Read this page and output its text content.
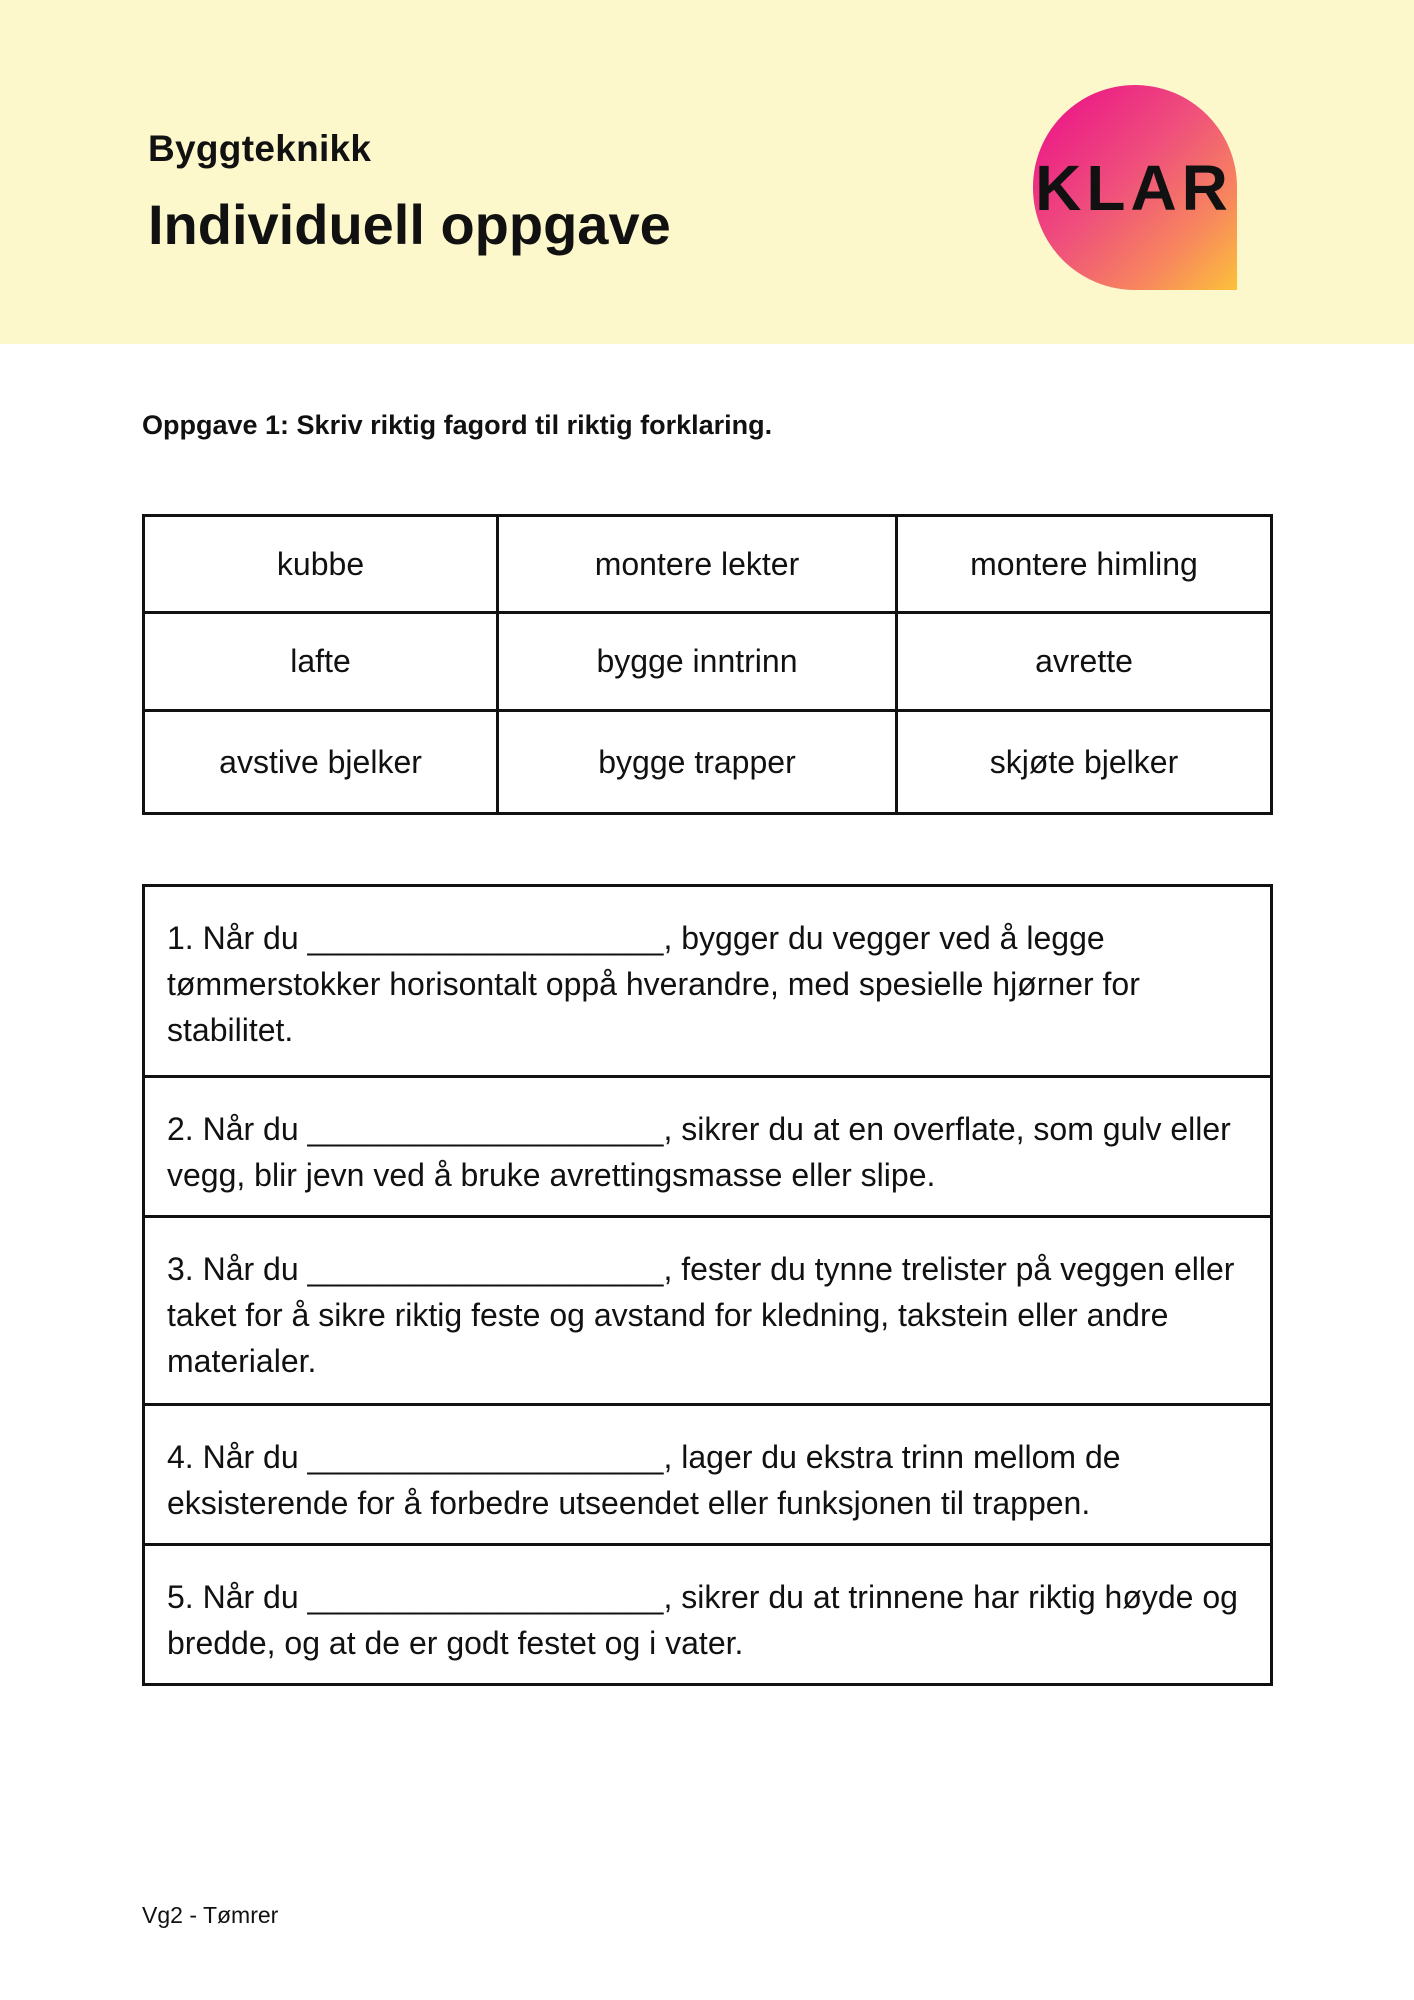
Byggteknikk
Individuell oppgave
KLAR
Oppgave 1: Skriv riktig fagord til riktig forklaring.
kubbe	montere lekter	montere himling
lafte	bygge inntrinn	avrette
avstive bjelker	bygge trapper	skjøte bjelker
1. Når du ____________________, bygger du vegger ved å legge tømmerstokker horisontalt oppå hverandre, med spesielle hjørner for stabilitet.
2. Når du ____________________, sikrer du at en overflate, som gulv eller vegg, blir jevn ved å bruke avrettingsmasse eller slipe.
3. Når du ____________________, fester du tynne trelister på veggen eller taket for å sikre riktig feste og avstand for kledning, takstein eller andre materialer.
4. Når du ____________________, lager du ekstra trinn mellom de eksisterende for å forbedre utseendet eller funksjonen til trappen.
5. Når du ____________________, sikrer du at trinnene har riktig høyde og bredde, og at de er godt festet og i vater.
Vg2 - Tømrer
